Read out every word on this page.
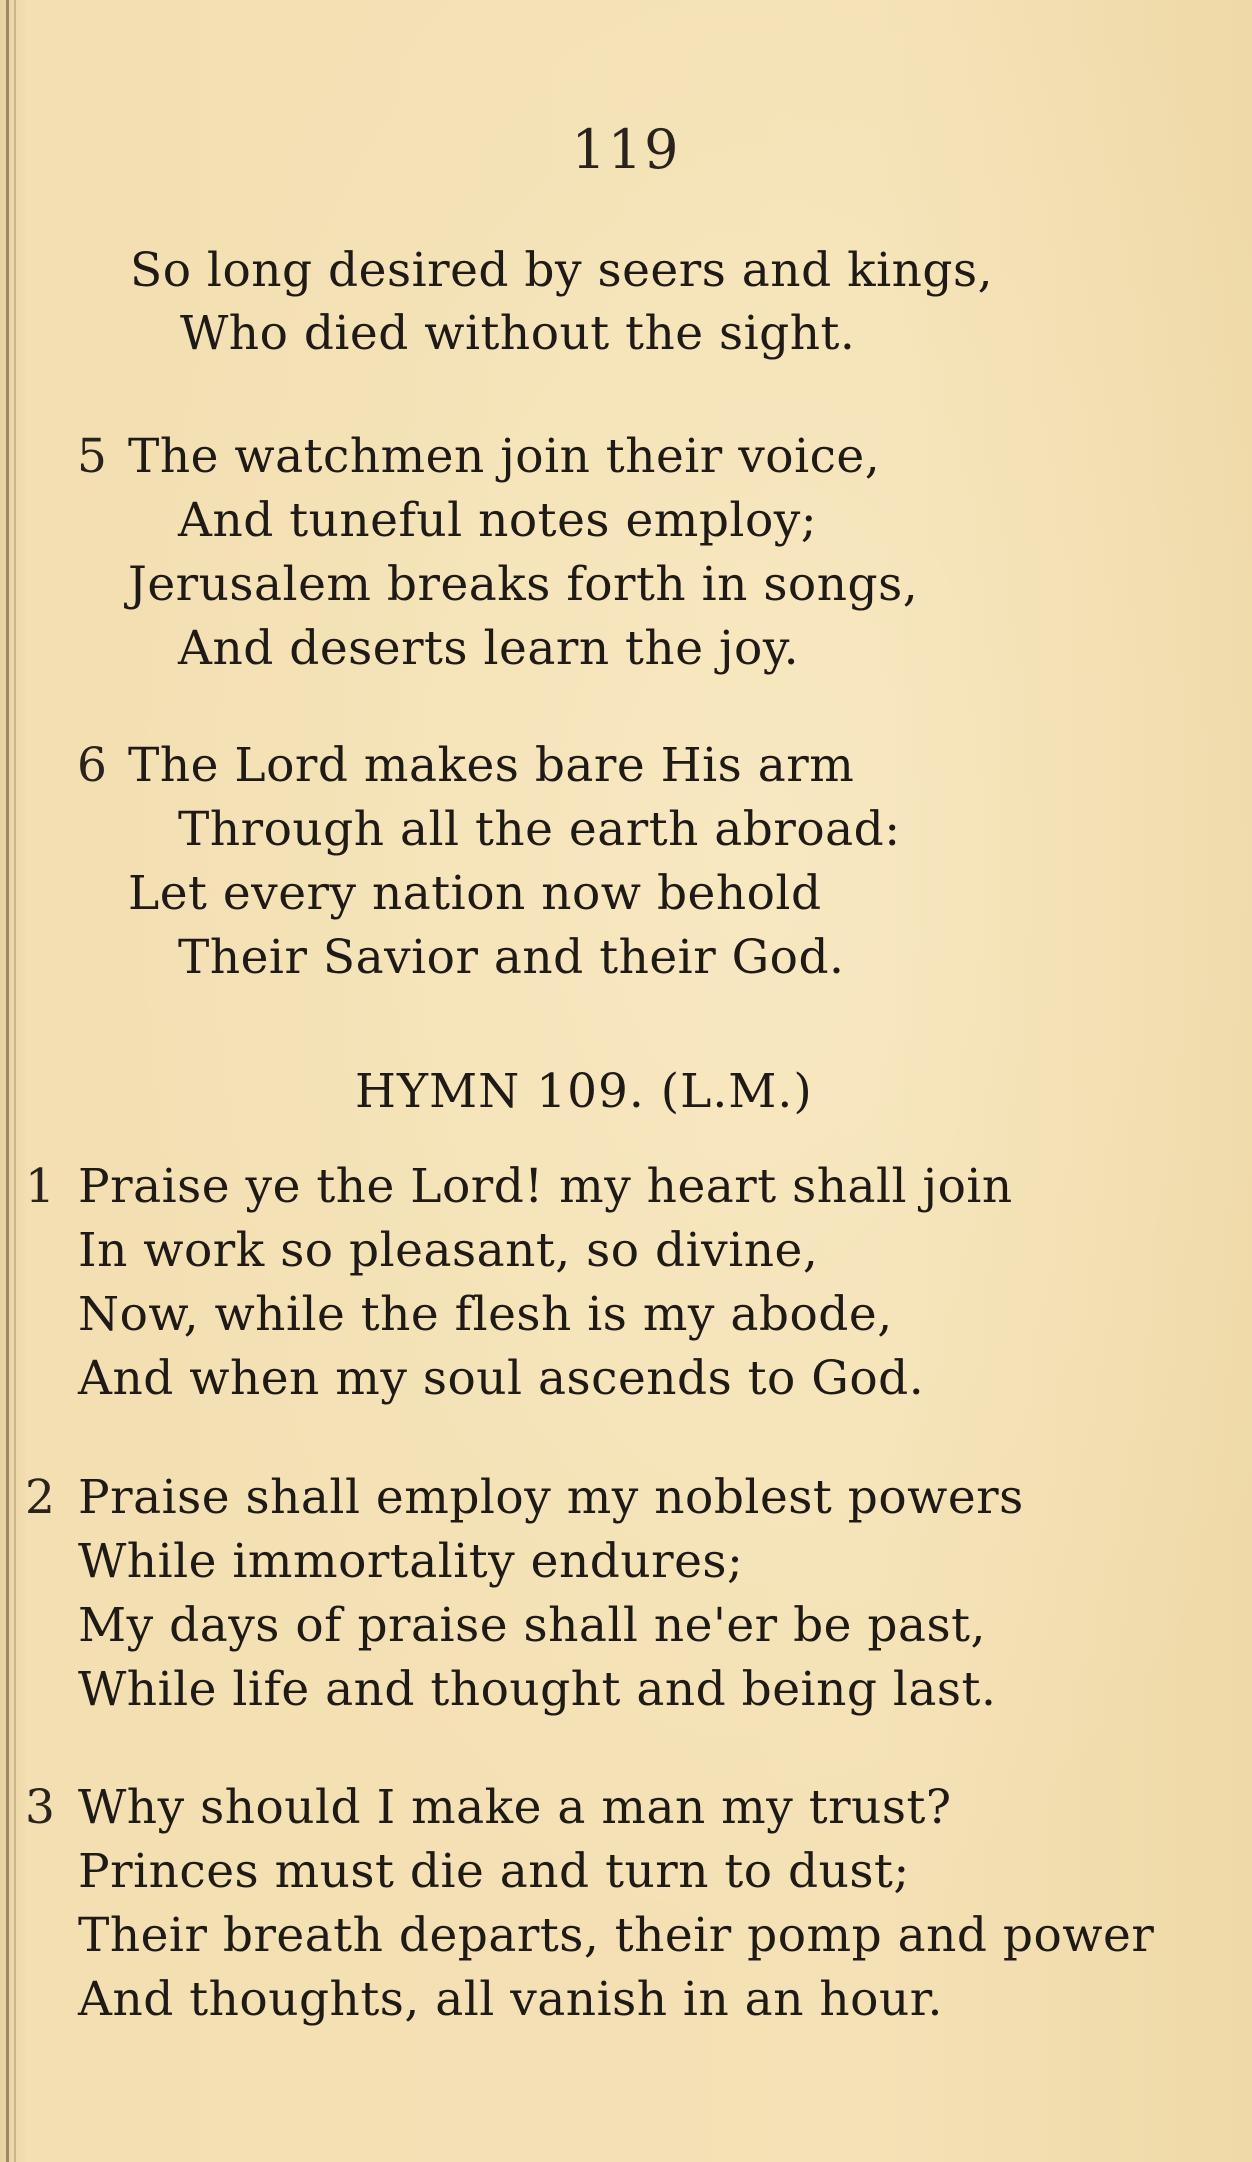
119
So long desired by seers and kings,
Who died without the sight.
5 The watchmen join their voice,
And tuneful notes employ;
Jerusalem breaks forth in songs,
And deserts learn the joy.
6 The Lord makes bare His arm
Through all the earth abroad:
Let every nation now behold
Their Savior and their God.
HYMN 109. (L.M.)
1 Praise ye the Lord! my heart shall join
In work so pleasant, so divine,
Now, while the flesh is my abode,
And when my soul ascends to God.
2 Praise shall employ my noblest powers
While immortality endures;
My days of praise shall ne'er be past,
While life and thought and being last.
3 Why should I make a man my trust?
Princes must die and turn to dust;
Their breath departs, their pomp and power
And thoughts, all vanish in an hour.
